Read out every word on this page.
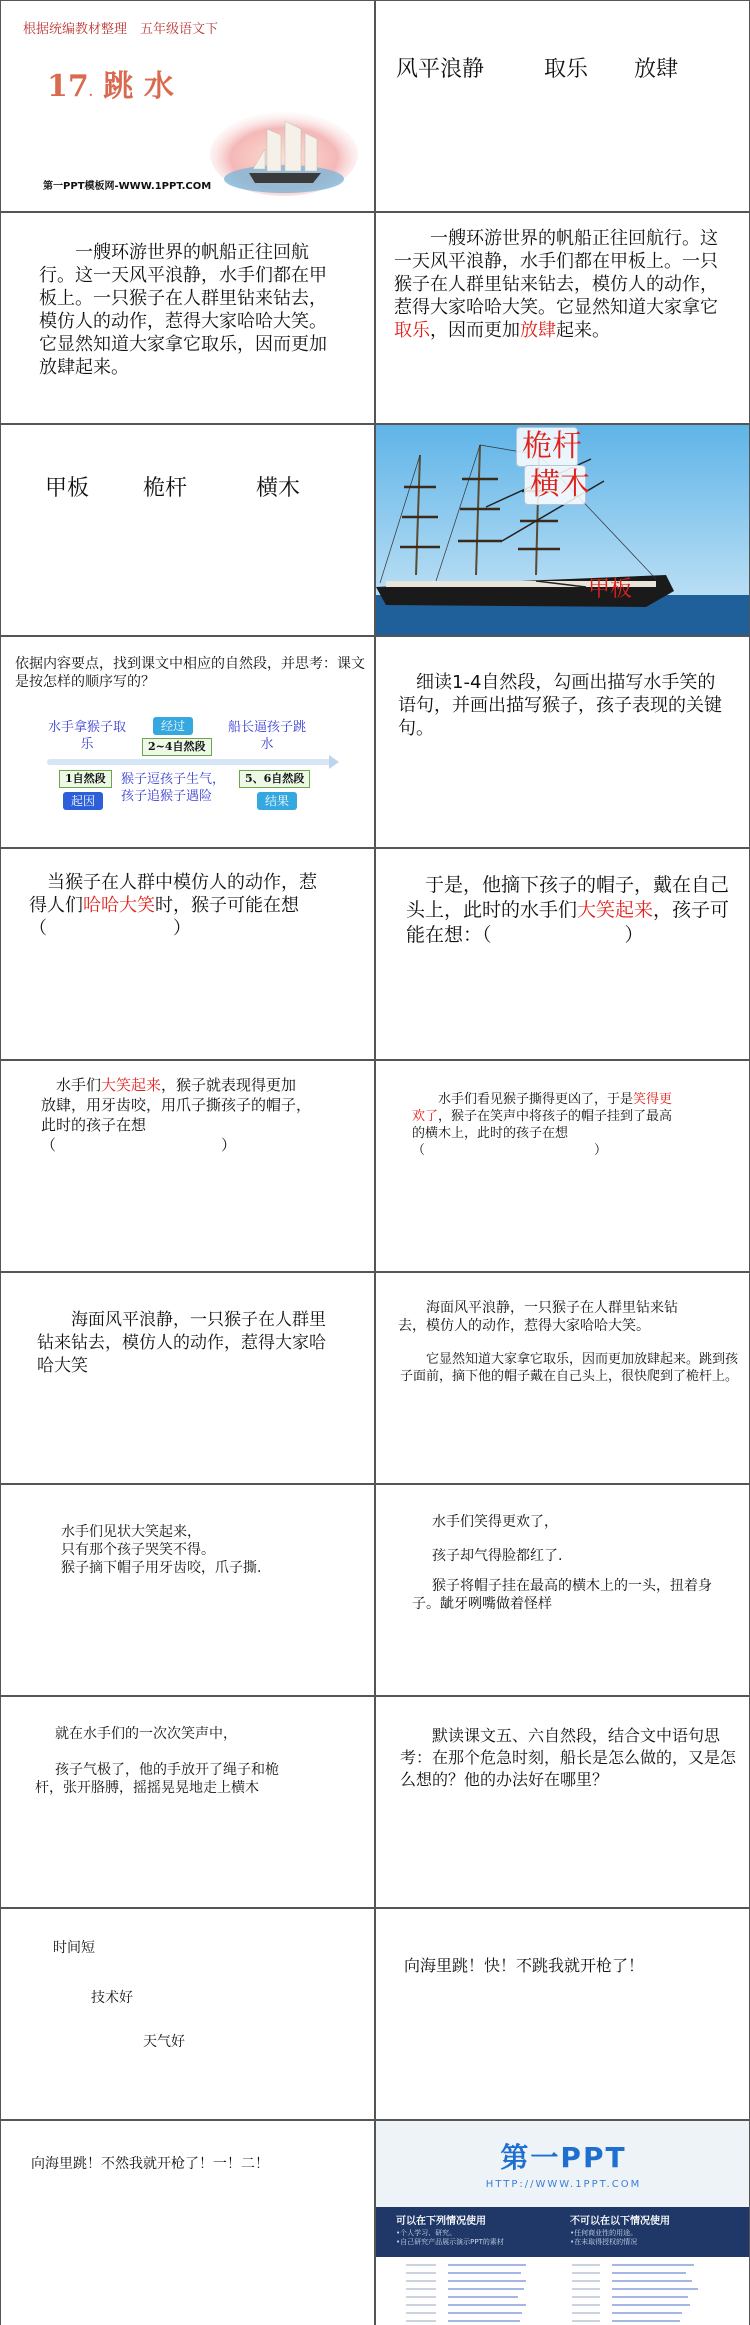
根据统编教材整理　五年级语文下
17. 跳 水
第一PPT模板网-WWW.1PPT.COM
风平浪静	取乐 放肆
一艘环游世界的帆船正往回航行。这一天风平浪静，水手们都在甲板上。一只猴子在人群里钻来钻去，模仿人的动作，惹得大家哈哈大笑。它显然知道大家拿它取乐，因而更加放肆起来。
一艘环游世界的帆船正往回航行。这一天风平浪静，水手们都在甲板上。一只猴子在人群里钻来钻去，模仿人的动作，惹得大家哈哈大笑。它显然知道大家拿它取乐，因而更加放肆起来。
甲板 桅杆	横木
桅杆
横木
甲板
依据内容要点，找到课文中相应的自然段，并思考：课文是按怎样的顺序写的？
水手拿猴子取乐
经过
2~4自然段
船长逼孩子跳水
1自然段
起因
猴子逗孩子生气，孩子追猴子遇险
5、6自然段
结果
细读1-4自然段，勾画出描写水手笑的语句，并画出描写猴子，孩子表现的关键句。
当猴子在人群中模仿人的动作，惹得人们哈哈大笑时，猴子可能在想（　　　　　　　）
于是，他摘下孩子的帽子，戴在自己头上，此时的水手们大笑起来，孩子可能在想：（　　　　　　　）
水手们大笑起来，猴子就表现得更加放肆，用牙齿咬，用爪子撕孩子的帽子，此时的孩子在想（　　　　　　　　　　　）
水手们看见猴子撕得更凶了，于是笑得更欢了，猴子在笑声中将孩子的帽子挂到了最高的横木上，此时的孩子在想（　　　　　　　　　　　　　）
海面风平浪静，一只猴子在人群里钻来钻去，模仿人的动作，惹得大家哈哈大笑
海面风平浪静，一只猴子在人群里钻来钻去，模仿人的动作，惹得大家哈哈大笑。
它显然知道大家拿它取乐，因而更加放肆起来。跳到孩子面前，摘下他的帽子戴在自己头上，很快爬到了桅杆上。
水手们见状大笑起来，
只有那个孩子哭笑不得。
猴子摘下帽子用牙齿咬，爪子撕.
水手们笑得更欢了，
孩子却气得脸都红了.
猴子将帽子挂在最高的横木上的一头，扭着身子。龇牙咧嘴做着怪样
就在水手们的一次次笑声中，
孩子气极了，他的手放开了绳子和桅杆，张开胳膊，摇摇晃晃地走上横木
默读课文五、六自然段，结合文中语句思考：在那个危急时刻，船长是怎么做的，又是怎么想的？他的办法好在哪里？
时间短
技术好
天气好
向海里跳！快！不跳我就开枪了！
向海里跳！不然我就开枪了！一！二！	第一PPT
HTTP://WWW.1PPT.COM
可以在下列情况使用
•个人学习、研究。
•自己研究产品展示演示PPT的素材
不可以在以下情况使用
•任何商业性的用途。
•在未取得授权的情况
